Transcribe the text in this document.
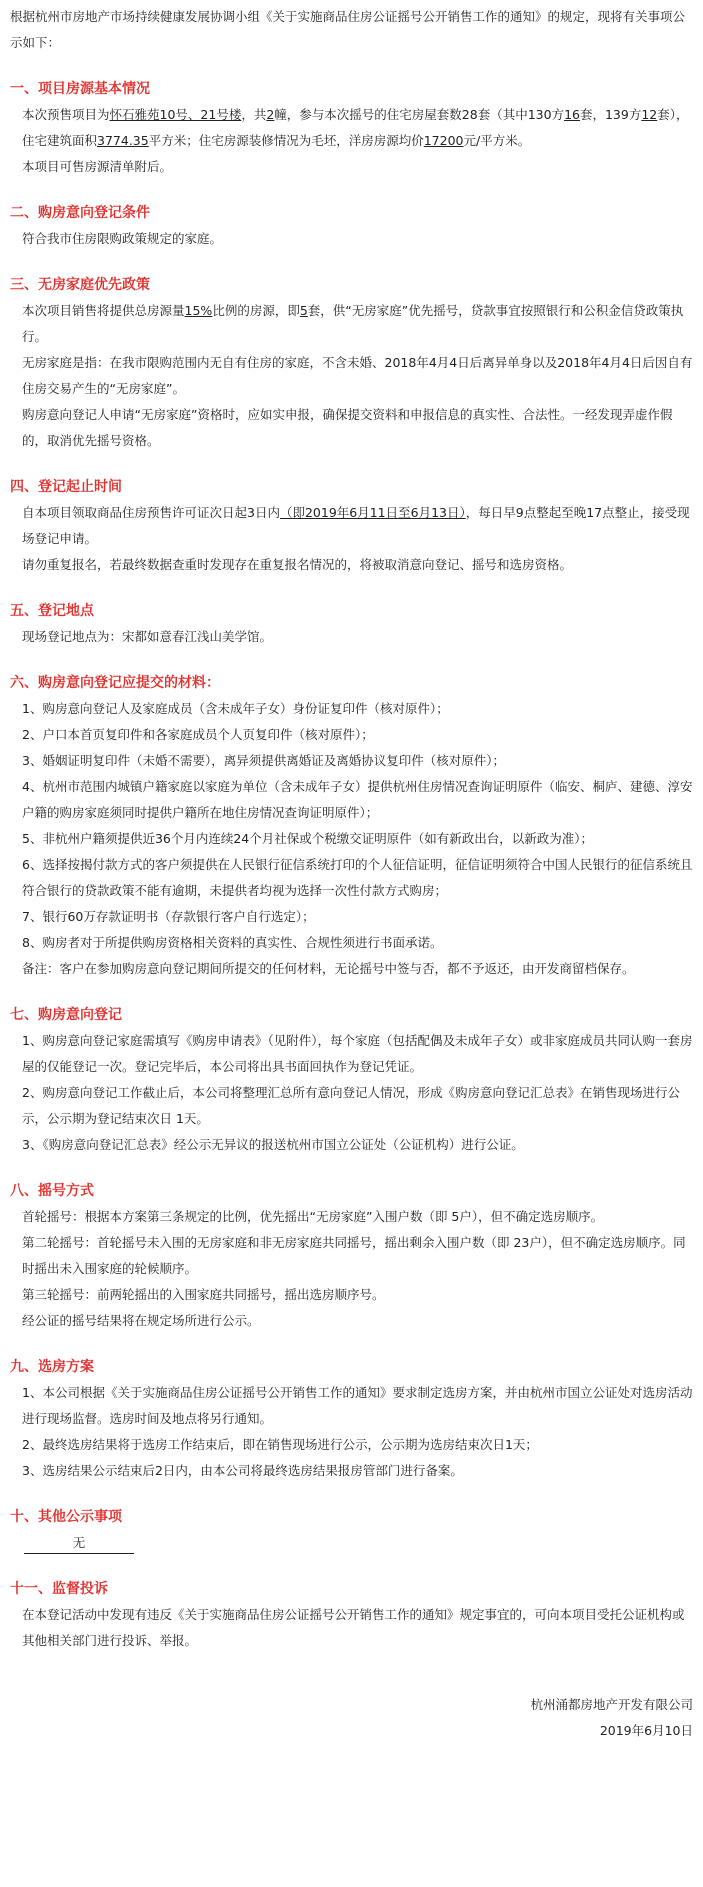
根据杭州市房地产市场持续健康发展协调小组《关于实施商品住房公证摇号公开销售工作的通知》的规定，现将有关事项公示如下：

一、项目房源基本情况

本次预售项目为怀石雅苑10号、21号楼，共2幢，参与本次摇号的住宅房屋套数28套（其中130方16套，139方12套），住宅建筑面积3774.35平方米；住宅房源装修情况为毛坯，洋房房源均价17200元/平方米。

本项目可售房源清单附后。

二、购房意向登记条件

符合我市住房限购政策规定的家庭。

三、无房家庭优先政策

本次项目销售将提供总房源量15%比例的房源，即5套，供“无房家庭”优先摇号，贷款事宜按照银行和公积金信贷政策执行。

无房家庭是指：在我市限购范围内无自有住房的家庭，不含未婚、2018年4月4日后离异单身以及2018年4月4日后因自有住房交易产生的“无房家庭”。

购房意向登记人申请“无房家庭”资格时，应如实申报，确保提交资料和申报信息的真实性、合法性。一经发现弄虚作假的，取消优先摇号资格。

四、登记起止时间

自本项目领取商品住房预售许可证次日起3日内（即2019年6月11日至6月13日），每日早9点整起至晚17点整止，接受现场登记申请。

请勿重复报名，若最终数据查重时发现存在重复报名情况的，将被取消意向登记、摇号和选房资格。

五、登记地点

现场登记地点为：宋都如意春江浅山美学馆。

六、购房意向登记应提交的材料：

1、购房意向登记人及家庭成员（含未成年子女）身份证复印件（核对原件）；

2、户口本首页复印件和各家庭成员个人页复印件（核对原件）；

3、婚姻证明复印件（未婚不需要），离异须提供离婚证及离婚协议复印件（核对原件）；

4、杭州市范围内城镇户籍家庭以家庭为单位（含未成年子女）提供杭州住房情况查询证明原件（临安、桐庐、建德、淳安户籍的购房家庭须同时提供户籍所在地住房情况查询证明原件）；

5、非杭州户籍须提供近36个月内连续24个月社保或个税缴交证明原件（如有新政出台，以新政为准）；

6、选择按揭付款方式的客户须提供在人民银行征信系统打印的个人征信证明，征信证明须符合中国人民银行的征信系统且符合银行的贷款政策不能有逾期，未提供者均视为选择一次性付款方式购房；

7、银行60万存款证明书（存款银行客户自行选定）；

8、购房者对于所提供购房资格相关资料的真实性、合规性须进行书面承诺。

备注：客户在参加购房意向登记期间所提交的任何材料，无论摇号中签与否，都不予返还，由开发商留档保存。

七、购房意向登记

1、购房意向登记家庭需填写《购房申请表》（见附件），每个家庭（包括配偶及未成年子女）或非家庭成员共同认购一套房屋的仅能登记一次。登记完毕后，本公司将出具书面回执作为登记凭证。

2、购房意向登记工作截止后，本公司将整理汇总所有意向登记人情况，形成《购房意向登记汇总表》在销售现场进行公示，公示期为登记结束次日 1天。

3、《购房意向登记汇总表》经公示无异议的报送杭州市国立公证处（公证机构）进行公证。

八、摇号方式

首轮摇号：根据本方案第三条规定的比例，优先摇出“无房家庭”入围户数（即 5户），但不确定选房顺序。

第二轮摇号：首轮摇号未入围的无房家庭和非无房家庭共同摇号，摇出剩余入围户数（即 23户），但不确定选房顺序。同时摇出未入围家庭的轮候顺序。

第三轮摇号：前两轮摇出的入围家庭共同摇号，摇出选房顺序号。

经公证的摇号结果将在规定场所进行公示。

九、选房方案

1、本公司根据《关于实施商品住房公证摇号公开销售工作的通知》要求制定选房方案，并由杭州市国立公证处对选房活动进行现场监督。选房时间及地点将另行通知。

2、最终选房结果将于选房工作结束后，即在销售现场进行公示，公示期为选房结束次日1天；

3、选房结果公示结束后2日内，由本公司将最终选房结果报房管部门进行备案。

十、其他公示事项

无

十一、监督投诉

在本登记活动中发现有违反《关于实施商品住房公证摇号公开销售工作的通知》规定事宜的，可向本项目受托公证机构或其他相关部门进行投诉、举报。

杭州涌都房地产开发有限公司

2019年6月10日
